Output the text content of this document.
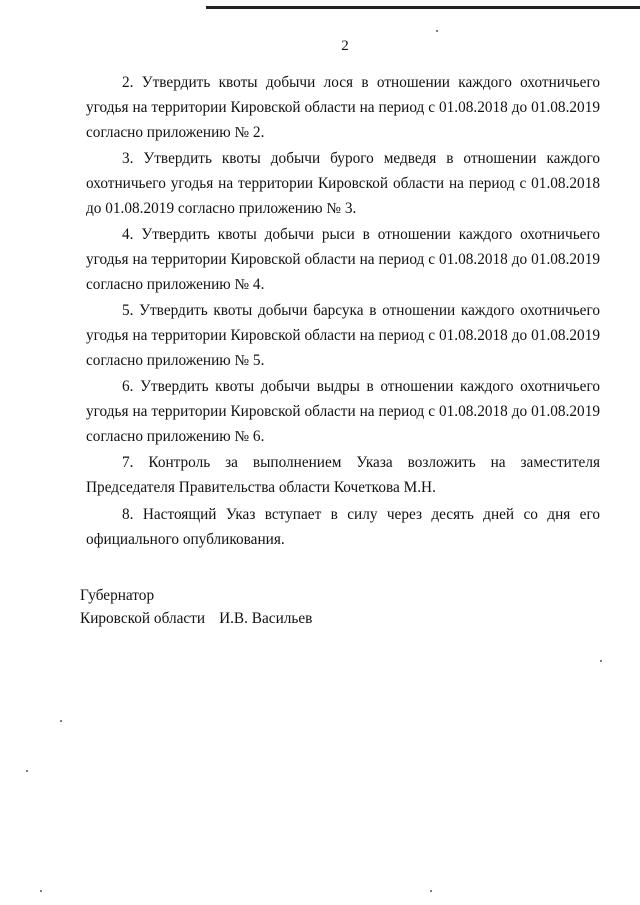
2

2. Утвердить квоты добычи лося в отношении каждого охотничьего угодья на территории Кировской области на период с 01.08.2018 до 01.08.2019 согласно приложению № 2.

3. Утвердить квоты добычи бурого медведя в отношении каждого охотничьего угодья на территории Кировской области на период с 01.08.2018 до 01.08.2019 согласно приложению № 3.

4. Утвердить квоты добычи рыси в отношении каждого охотничьего угодья на территории Кировской области на период с 01.08.2018 до 01.08.2019 согласно приложению № 4.

5. Утвердить квоты добычи барсука в отношении каждого охотничьего угодья на территории Кировской области на период с 01.08.2018 до 01.08.2019 согласно приложению № 5.

6. Утвердить квоты добычи выдры в отношении каждого охотничьего угодья на территории Кировской области на период с 01.08.2018 до 01.08.2019 согласно приложению № 6.

7. Контроль за выполнением Указа возложить на заместителя Председателя Правительства области Кочеткова М.Н.

8. Настоящий Указ вступает в силу через десять дней со дня его официального опубликования.

Губернатор
Кировской области И.В. Васильев
